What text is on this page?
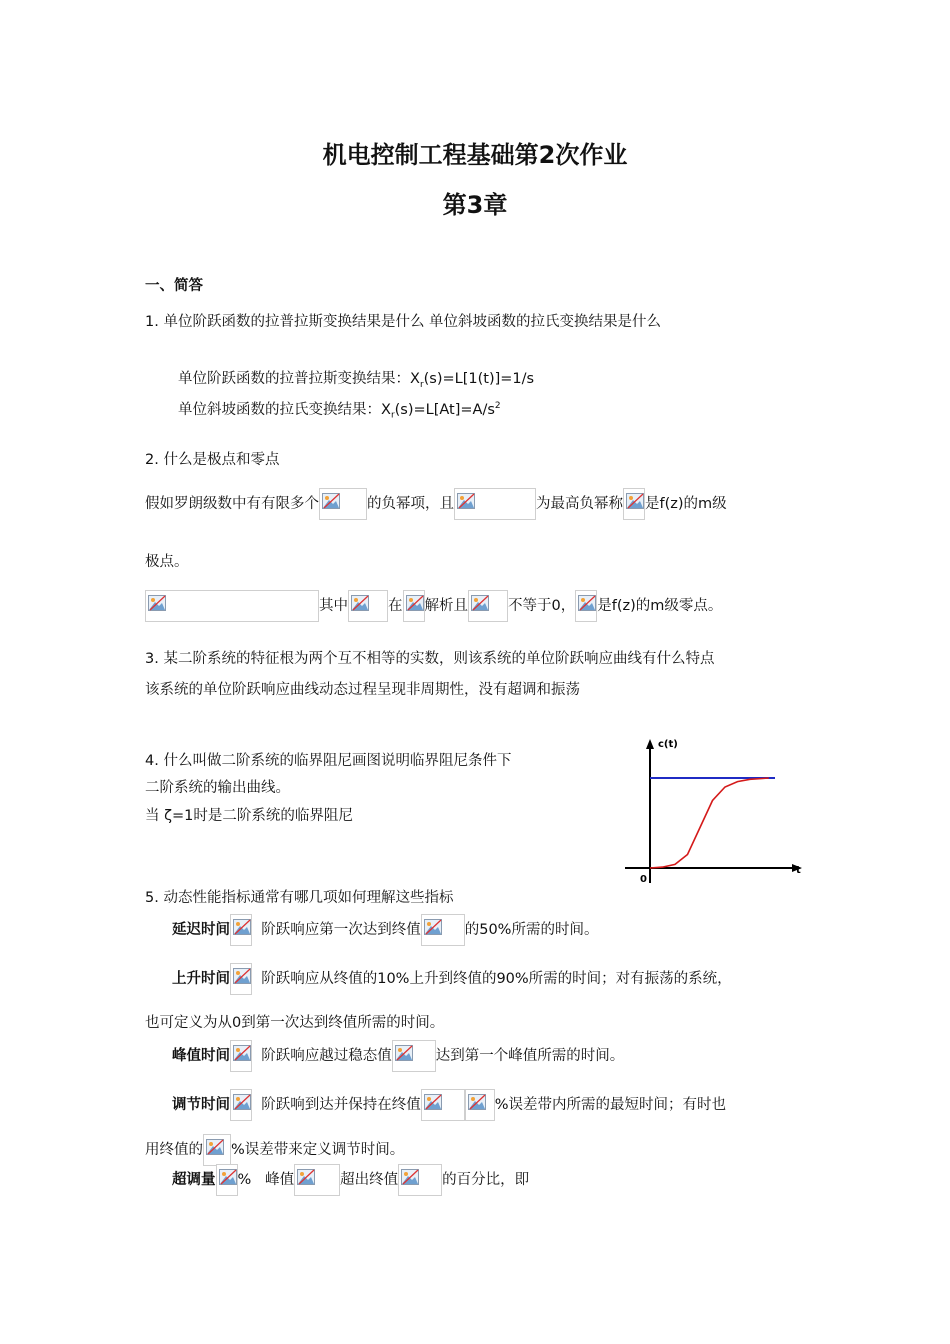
机电控制工程基础第2次作业
第3章
一、简答
1. 单位阶跃函数的拉普拉斯变换结果是什么 单位斜坡函数的拉氏变换结果是什么
单位阶跃函数的拉普拉斯变换结果：$X_r(s)=L[1(t)]=1/s$
单位斜坡函数的拉氏变换结果：$X_r(s)=L[At]=A/s^2$
2. 什么是极点和零点
假如罗朗级数中有有限多个	的负幂项，且	为最高负幂称 是f(z)的m级
极点。
其中	在 解析且	不等于0， 是f(z)的m级零点。
3. 某二阶系统的特征根为两个互不相等的实数，则该系统的单位阶跃响应曲线有什么特点
该系统的单位阶跃响应曲线动态过程呈现非周期性，没有超调和振荡
4. 什么叫做二阶系统的临界阻尼画图说明临界阻尼条件下
二阶系统的输出曲线。
当 ζ=1时是二阶系统的临界阻尼
c(t)
t
0
5. 动态性能指标通常有哪几项如何理解这些指标
延迟时间 阶跃响应第一次达到终值	的50%所需的时间。
上升时间 阶跃响应从终值的10%上升到终值的90%所需的时间；对有振荡的系统，
也可定义为从0到第一次达到终值所需的时间。
峰值时间 阶跃响应越过稳态值	达到第一个峰值所需的时间。
调节时间 阶跃响到达并保持在终值	%误差带内所需的最短时间；有时也
用终值的 %误差带来定义调节时间。
超调量 % 峰值	超出终值	的百分比，即
